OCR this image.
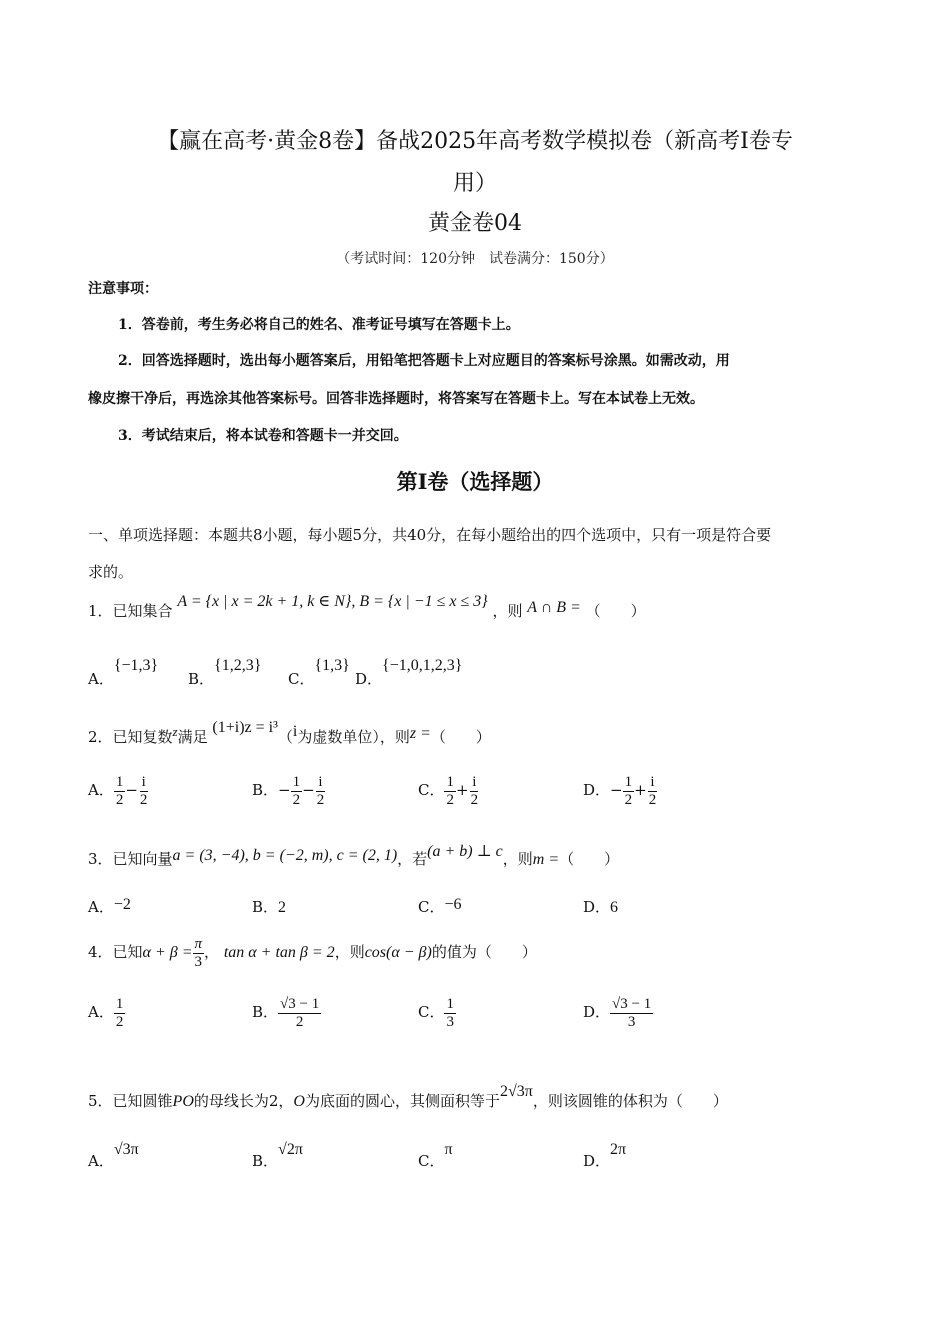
【赢在高考·黄金8卷】备战2025年高考数学模拟卷（新高考Ⅰ卷专
用）
黄金卷04
（考试时间：120分钟　试卷满分：150分）
注意事项：
1．答卷前，考生务必将自己的姓名、准考证号填写在答题卡上。
2．回答选择题时，选出每小题答案后，用铅笔把答题卡上对应题目的答案标号涂黑。如需改动，用
橡皮擦干净后，再选涂其他答案标号。回答非选择题时，将答案写在答题卡上。写在本试卷上无效。
3．考试结束后，将本试卷和答题卡一并交回。
第I卷（选择题）
一、单项选择题：本题共8小题，每小题5分，共40分，在每小题给出的四个选项中，只有一项是符合要
求的。
1．已知集合 A = {x | x = 2k + 1, k ∈ N}, B = {x | −1 ≤ x ≤ 3} ，则 A ∩ B = （　　）
A．{−1,3}
B．{1,2,3}
C．{1,3}
D．{−1,0,1,2,3}
2．已知复数z满足 (1+i)z = i³（i为虚数单位），则z =（　　）
A． $\frac{1}{2} - \frac{i}{2}$	B．− $\frac{1}{2} - \frac{i}{2}$	C． $\frac{1}{2} + \frac{i}{2}$	D．− $\frac{1}{2} + \frac{i}{2}$
3．已知向量a = (3, −4), b = (−2, m), c = (2, 1)，若(a + b) ⊥ c，则m =（　　）
A．−2	B．2	C．−6	D．6
4．已知$\alpha + \beta = \frac{\pi}{3}$ ， tan α + tan β = 2，则cos(α − β)的值为（　　）
A． $\frac{1}{2}$	B． $\frac{√3 - 1}{2}$	C． $\frac{1}{3}$	D． $\frac{√3 - 1}{3}$
5．已知圆锥PO的母线长为2，O为底面的圆心，其侧面积等于2√3π，则该圆锥的体积为（　　）
A．√3π
B．√2π
C．π
D．2π
